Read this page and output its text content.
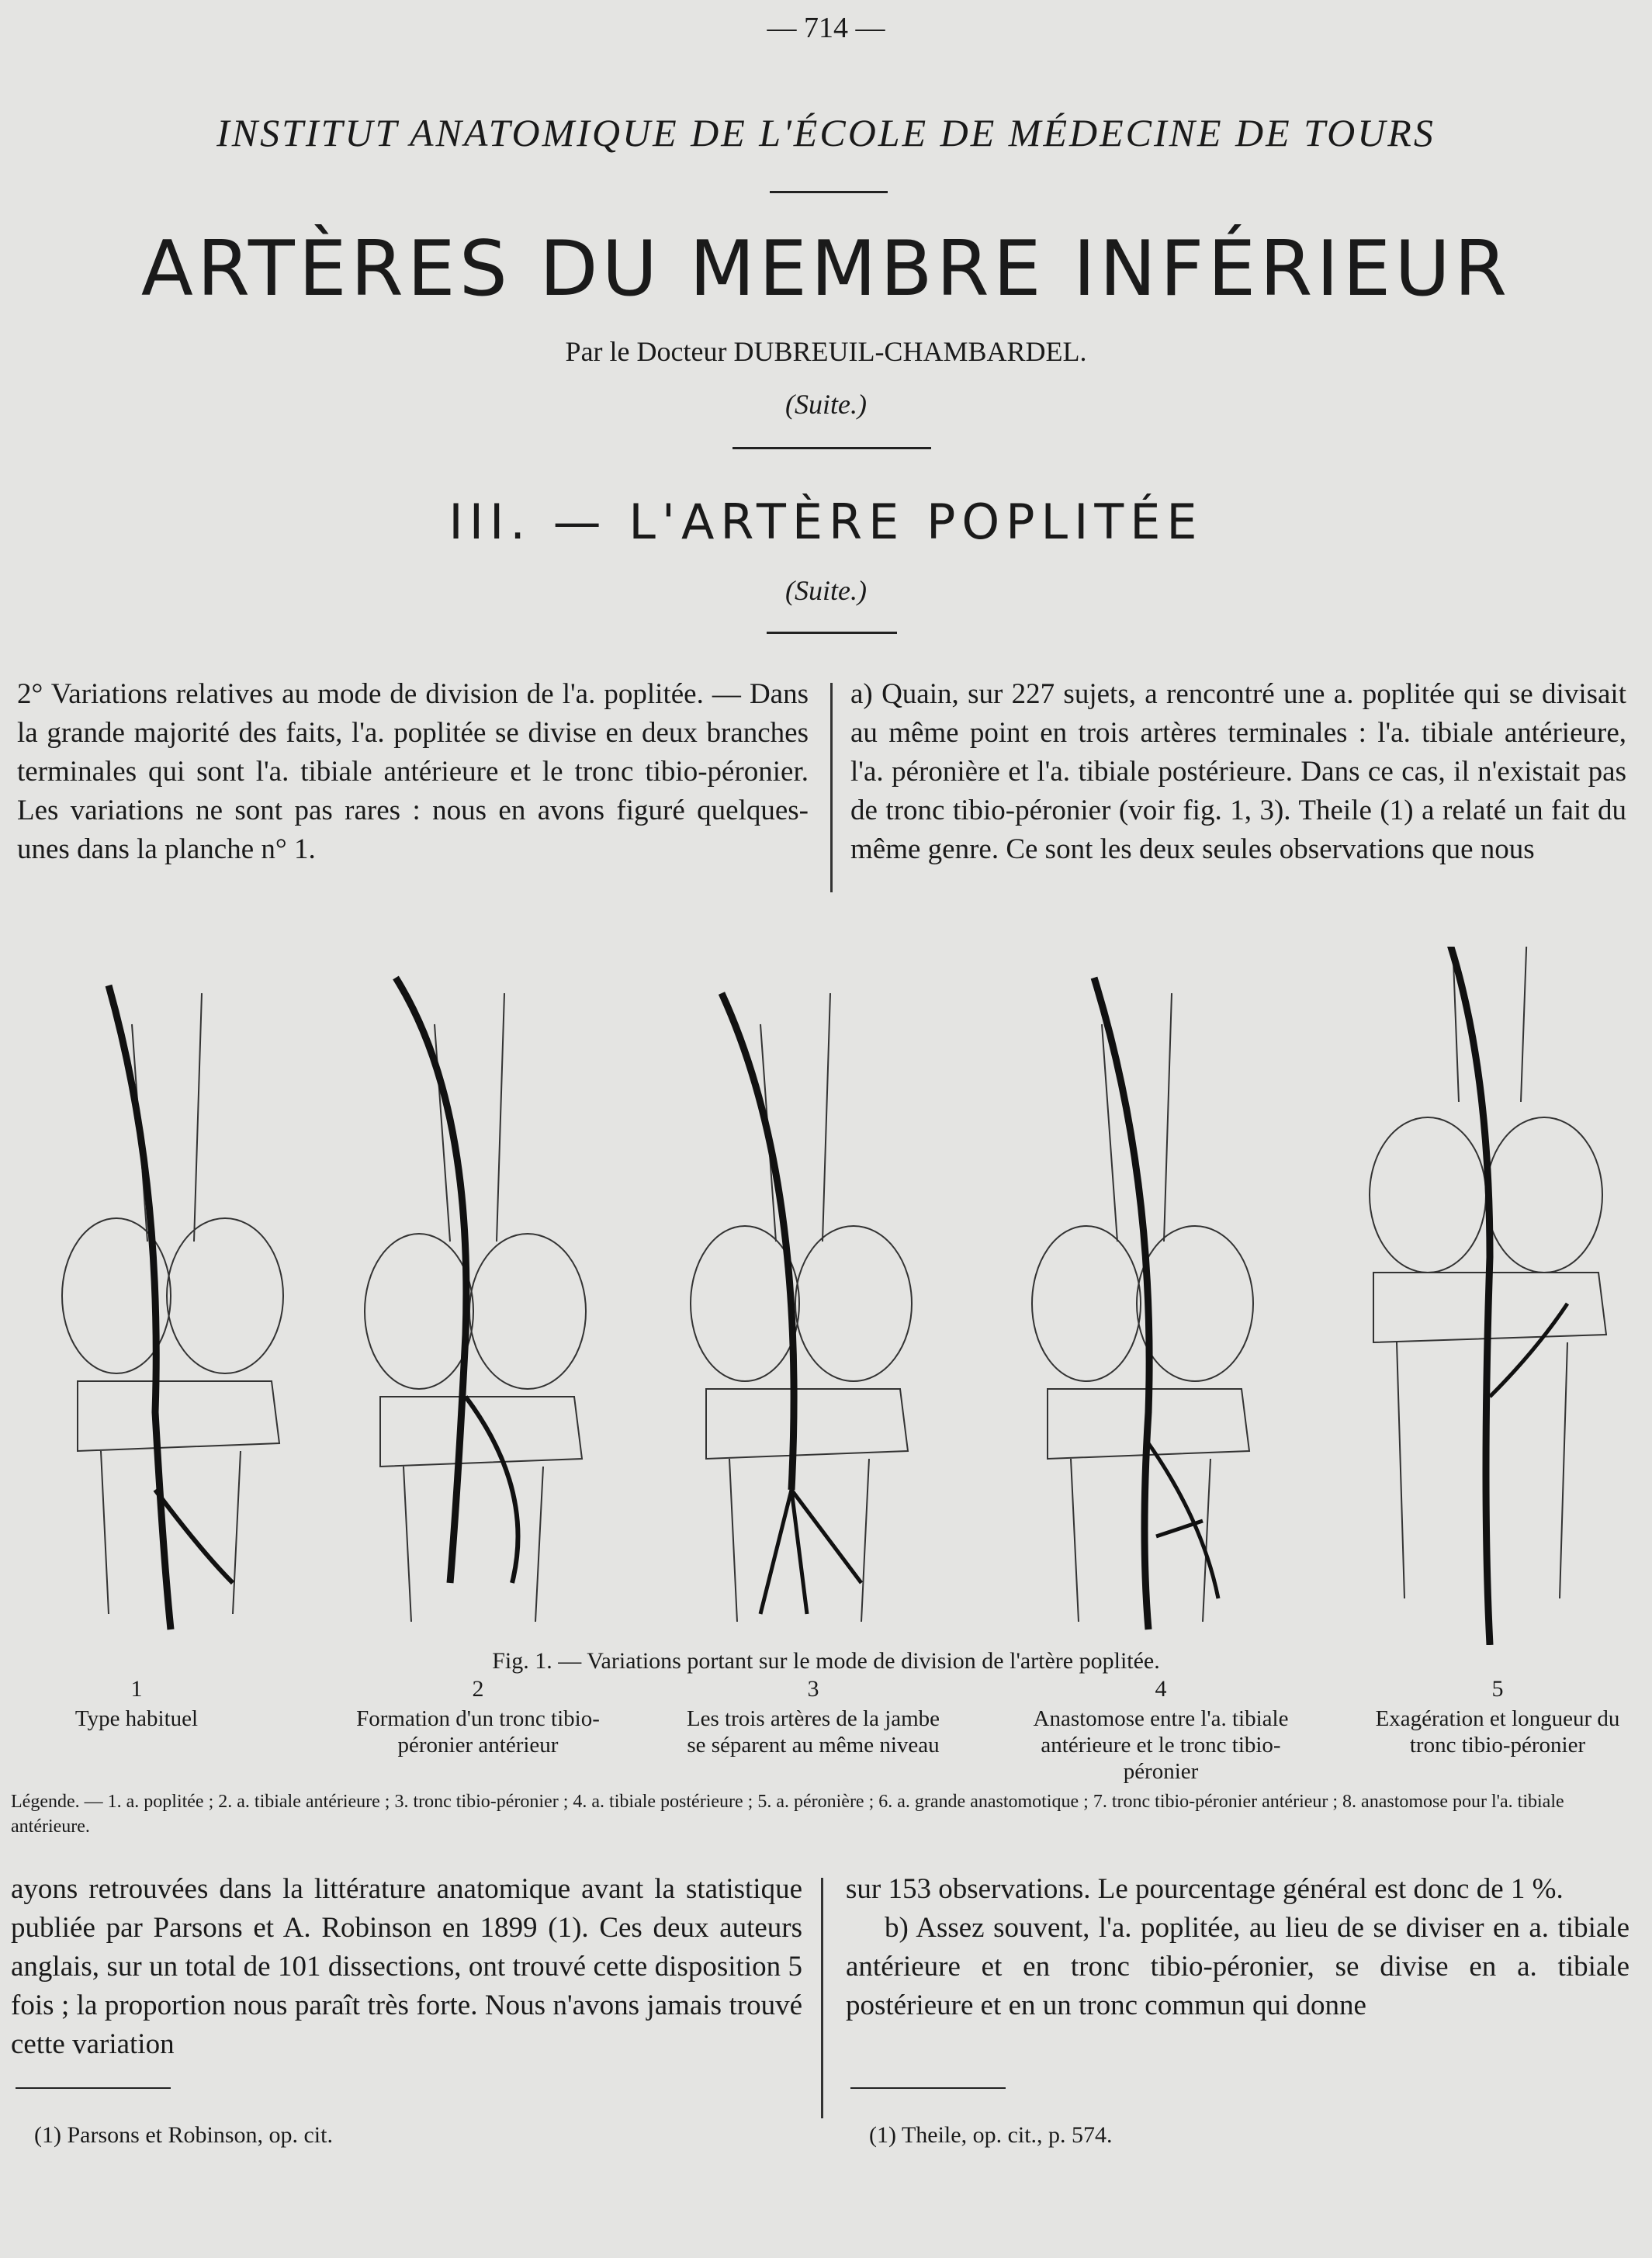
— 714 —
INSTITUT ANATOMIQUE DE L'ÉCOLE DE MÉDECINE DE TOURS
ARTÈRES DU MEMBRE INFÉRIEUR
Par le Docteur DUBREUIL-CHAMBARDEL.
(Suite.)
III. — L'ARTÈRE POPLITÉE
(Suite.)

2° Variations relatives au mode de division de l'a. poplitée. — Dans la grande majorité des faits, l'a. poplitée se divise en deux branches terminales qui sont l'a. tibiale antérieure et le tronc tibio-péronier. Les variations ne sont pas rares : nous en avons figuré quelques-unes dans la planche n° 1.

a) Quain, sur 227 sujets, a rencontré une a. poplitée qui se divisait au même point en trois artères terminales : l'a. tibiale antérieure, l'a. péronière et l'a. tibiale postérieure. Dans ce cas, il n'existait pas de tronc tibio-péronier (voir fig. 1, 3). Theile (1) a relaté un fait du même genre. Ce sont les deux seules observations que nous

Fig. 1. — Variations portant sur le mode de division de l'artère poplitée.
1	2	3	4	5
Type habituel	Formation d'un tronc tibio-péronier antérieur
Les trois artères de la jambe se séparent au même niveau
Anastomose entre l'a. tibiale antérieure et le tronc tibio-péronier
Exagération et longueur du tronc tibio-péronier
Légende. — 1. a. poplitée ; 2. a. tibiale antérieure ; 3. tronc tibio-péronier ; 4. a. tibiale postérieure ; 5. a. péronière ; 6. a. grande anastomotique ; 7. tronc tibio-péronier antérieur ; 8. anastomose pour l'a. tibiale antérieure.

ayons retrouvées dans la littérature anatomique avant la statistique publiée par Parsons et A. Robinson en 1899 (1). Ces deux auteurs anglais, sur un total de 101 dissections, ont trouvé cette disposition 5 fois ; la proportion nous paraît très forte. Nous n'avons jamais trouvé cette variation

sur 153 observations. Le pourcentage général est donc de 1 %.

b) Assez souvent, l'a. poplitée, au lieu de se diviser en a. tibiale antérieure et en tronc tibio-péronier, se divise en a. tibiale postérieure et en un tronc commun qui donne

(1) Parsons et Robinson, op. cit.	(1) Theile, op. cit., p. 574.
